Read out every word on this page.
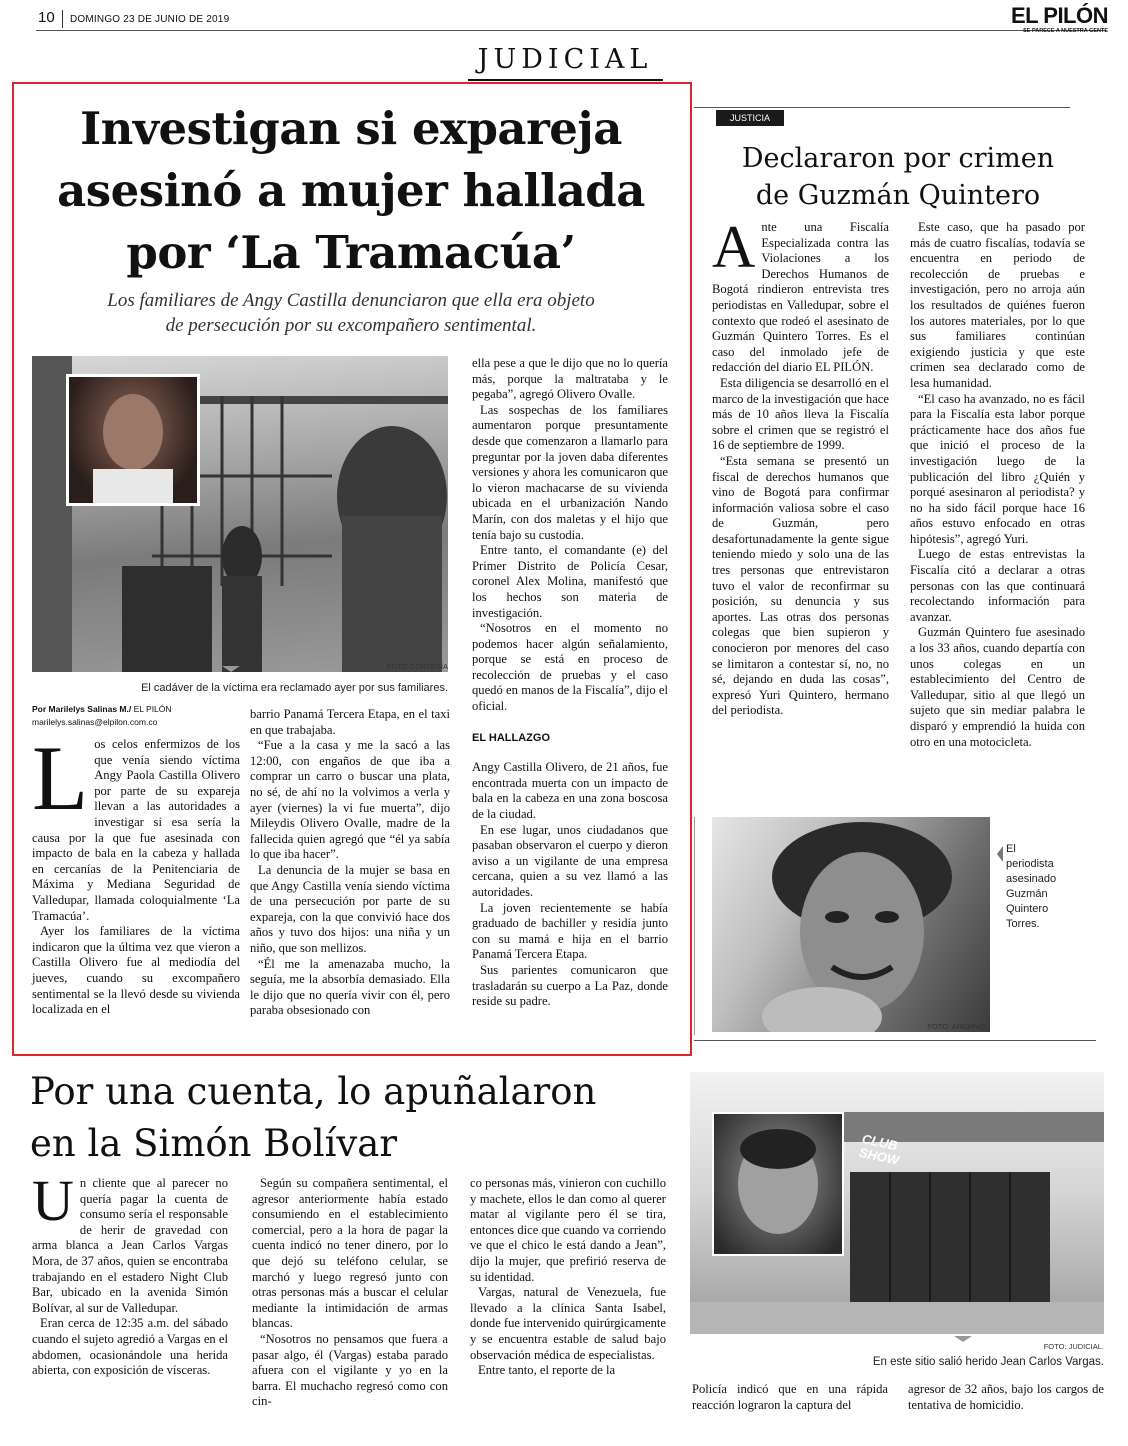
10 DOMINGO 23 DE JUNIO DE 2019	EL PILÓN
SE PARECE A NUESTRA GENTE
JUDICIAL
Investigan si expareja
asesinó a mujer hallada
por ‘La Tramacúa’
Los familiares de Angy Castilla denunciaron que ella era objeto
de persecución por su excompañero sentimental.
FOTO CORTESÍA
El cadáver de la víctima era reclamado ayer por sus familiares.
Por Marilelys Salinas M./ EL PILÓN
marilelys.salinas@elpilon.com.co
L os celos enfermizos de los que venía siendo víctima Angy Paola Castilla Olivero por parte de su expareja llevan a las autoridades a investigar si esa sería la causa por la que fue asesinada con impacto de bala en la cabeza y hallada en cercanías de la Penitenciaria de Máxima y Mediana Seguridad de Valledupar, llamada coloquialmente ‘La Tramacúa’.

Ayer los familiares de la víctima indicaron que la última vez que vieron a Castilla Olivero fue al mediodía del jueves, cuando su excompañero sentimental se la llevó desde su vivienda localizada en el

barrio Panamá Tercera Etapa, en el taxi en que trabajaba.

“Fue a la casa y me la sacó a las 12:00, con engaños de que iba a comprar un carro o buscar una plata, no sé, de ahí no la volvimos a verla y ayer (viernes) la vi fue muerta”, dijo Mileydis Olivero Ovalle, madre de la fallecida quien agregó que “él ya sabía lo que iba hacer”.

La denuncia de la mujer se basa en que Angy Castilla venía siendo víctima de una persecución por parte de su expareja, con la que convivió hace dos años y tuvo dos hijos: una niña y un niño, que son mellizos.

“Él me la amenazaba mucho, la seguía, me la absorbía demasiado. Ella le dijo que no quería vivir con él, pero paraba obsesionado con

ella pese a que le dijo que no lo quería más, porque la maltrataba y le pegaba”, agregó Olivero Ovalle.

Las sospechas de los familiares aumentaron porque presuntamente desde que comenzaron a llamarlo para preguntar por la joven daba diferentes versiones y ahora les comunicaron que lo vieron machacarse de su vivienda ubicada en el urbanización Nando Marín, con dos maletas y el hijo que tenía bajo su custodia.

Entre tanto, el comandante (e) del Primer Distrito de Policía Cesar, coronel Alex Molina, manifestó que los hechos son materia de investigación.

“Nosotros en el momento no podemos hacer algún señalamiento, porque se está en proceso de recolección de pruebas y el caso quedó en manos de la Fiscalía”, dijo el oficial.

EL HALLAZGO

Angy Castilla Olivero, de 21 años, fue encontrada muerta con un impacto de bala en la cabeza en una zona boscosa de la ciudad.

En ese lugar, unos ciudadanos que pasaban observaron el cuerpo y dieron aviso a un vigilante de una empresa cercana, quien a su vez llamó a las autoridades.

La joven recientemente se había graduado de bachiller y residía junto con su mamá e hija en el barrio Panamá Tercera Etapa.

Sus parientes comunicaron que trasladarán su cuerpo a La Paz, donde reside su padre.

JUSTICIA
Declararon por crimen
de Guzmán Quintero
A nte una Fiscalía Especializada contra las Violaciones a los Derechos Humanos de Bogotá rindieron entrevista tres periodistas en Valledupar, sobre el contexto que rodeó el asesinato de Guzmán Quintero Torres. Es el caso del inmolado jefe de redacción del diario EL PILÓN.

Esta diligencia se desarrolló en el marco de la investigación que hace más de 10 años lleva la Fiscalía sobre el crimen que se registró el 16 de septiembre de 1999.

“Esta semana se presentó un fiscal de derechos humanos que vino de Bogotá para confirmar información valiosa sobre el caso de Guzmán, pero desafortunadamente la gente sigue teniendo miedo y solo una de las tres personas que entrevistaron tuvo el valor de reconfirmar su posición, su denuncia y sus aportes. Las otras dos personas colegas que bien supieron y conocieron por menores del caso se limitaron a contestar sí, no, no sé, dejando en duda las cosas”, expresó Yuri Quintero, hermano del periodista.

Este caso, que ha pasado por más de cuatro fiscalías, todavía se encuentra en periodo de recolección de pruebas e investigación, pero no arroja aún los resultados de quiénes fueron los autores materiales, por lo que sus familiares continúan exigiendo justicia y que este crimen sea declarado como de lesa humanidad.

“El caso ha avanzado, no es fácil para la Fiscalía esta labor porque prácticamente hace dos años fue que inició el proceso de la investigación luego de la publicación del libro ¿Quién y porqué asesinaron al periodista? y no ha sido fácil porque hace 16 años estuvo enfocado en otras hipótesis”, agregó Yuri.

Luego de estas entrevistas la Fiscalía citó a declarar a otras personas con las que continuará recolectando información para avanzar.

Guzmán Quintero fue asesinado a los 33 años, cuando departía con unos colegas en un establecimiento del Centro de Valledupar, sitio al que llegó un sujeto que sin mediar palabra le disparó y emprendió la huida con otro en una motocicleta.

FOTO: ARCHIVO.
El periodista asesinado Guzmán Quintero Torres.
Por una cuenta, lo apuñalaron
en la Simón Bolívar
U n cliente que al parecer no quería pagar la cuenta de consumo sería el responsable de herir de gravedad con arma blanca a Jean Carlos Vargas Mora, de 37 años, quien se encontraba trabajando en el estadero Night Club Bar, ubicado en la avenida Simón Bolívar, al sur de Valledupar.

Eran cerca de 12:35 a.m. del sábado cuando el sujeto agredió a Vargas en el abdomen, ocasionándole una herida abierta, con exposición de vísceras.

Según su compañera sentimental, el agresor anteriormente había estado consumiendo en el establecimiento comercial, pero a la hora de pagar la cuenta indicó no tener dinero, por lo que dejó su teléfono celular, se marchó y luego regresó junto con otras personas más a buscar el celular mediante la intimidación de armas blancas.

“Nosotros no pensamos que fuera a pasar algo, él (Vargas) estaba parado afuera con el vigilante y yo en la barra. El muchacho regresó como con cin-

co personas más, vinieron con cuchillo y machete, ellos le dan como al querer matar al vigilante pero él se tira, entonces dice que cuando va corriendo ve que el chico le está dando a Jean”, dijo la mujer, que prefirió reserva de su identidad.

Vargas, natural de Venezuela, fue llevado a la clínica Santa Isabel, donde fue intervenido quirúrgicamente y se encuentra estable de salud bajo observación médica de especialistas.

Entre tanto, el reporte de la

CLUB SHOW
FOTO: JUDICIAL.
En este sitio salió herido Jean Carlos Vargas.

Policía indicó que en una rápida reacción lograron la captura del

agresor de 32 años, bajo los cargos de tentativa de homicidio.
